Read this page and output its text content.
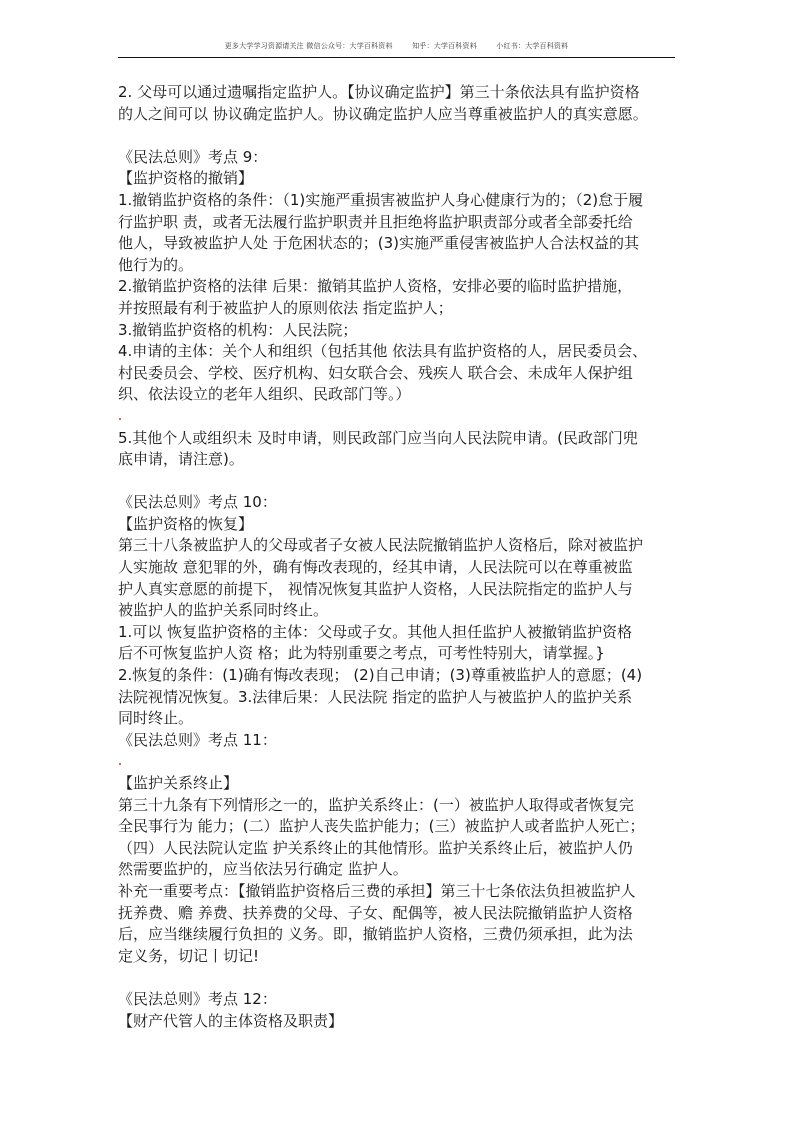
更多大学学习资源请关注 微信公众号：大学百科资料        知乎：大学百科资料        小红书：大学百科资料
2. 父母可以通过遗嘱指定监护人。【协议确定监护】第三十条依法具有监护资格
的人之间可以 协议确定监护人。协议确定监护人应当尊重被监护人的真实意愿。
《民法总则》考点 9：
【监护资格的撤销】
1.撤销监护资格的条件：（1)实施严重损害被监护人身心健康行为的；（2)怠于履
行监护职 责，或者无法履行监护职责并且拒绝将监护职责部分或者全部委托给
他人，导致被监护人处 于危困状态的；(3)实施严重侵害被监护人合法权益的其
他行为的。
2.撤销监护资格的法律 后果：撤销其监护人资格，安排必要的临时监护措施，
并按照最有利于被监护人的原则依法 指定监护人；
3.撤销监护资格的机构：人民法院；
4.申请的主体：关个人和组织（包括其他 依法具有监护资格的人，居民委员会、
村民委员会、学校、医疗机构、妇女联合会、残疾人 联合会、未成年人保护组
织、依法设立的老年人组织、民政部门等。）
5.其他个人或组织未 及时申请，则民政部门应当向人民法院申请。(民政部门兜
底申请，请注意)。
《民法总则》考点 10：
【监护资格的恢复】
第三十八条被监护人的父母或者子女被人民法院撤销监护人资格后，除对被监护
人实施故 意犯罪的外，确有悔改表现的，经其申请，人民法院可以在尊重被监
护人真实意愿的前提下， 视情况恢复其监护人资格，人民法院指定的监护人与
被监护人的监护关系同时终止。
1.可以 恢复监护资格的主体：父母或子女。其他人担任监护人被撤销监护资格
后不可恢复监护人资 格；此为特别重要之考点，可考性特别大，请掌握。}
2.恢复的条件：(1)确有悔改表现； (2)自己申请；(3)尊重被监护人的意愿；(4)
法院视情况恢复。3.法律后果：人民法院 指定的监护人与被监护人的监护关系
同时终止。
《民法总则》考点 11：
【监护关系终止】
第三十九条有下列情形之一的，监护关系终止：(一）被监护人取得或者恢复完
全民事行为 能力；(二）监护人丧失监护能力；(三）被监护人或者监护人死亡；
（四）人民法院认定监 护关系终止的其他情形。监护关系终止后，被监护人仍
然需要监护的，应当依法另行确定 监护人。
补充一重要考点：【撤销监护资格后三费的承担】第三十七条依法负担被监护人
抚养费、赡 养费、扶养费的父母、子女、配偶等，被人民法院撤销监护人资格
后，应当继续履行负担的 义务。即，撤销监护人资格，三费仍须承担，此为法
定义务，切记丨切记!
《民法总则》考点 12：
【财产代管人的主体资格及职责】
